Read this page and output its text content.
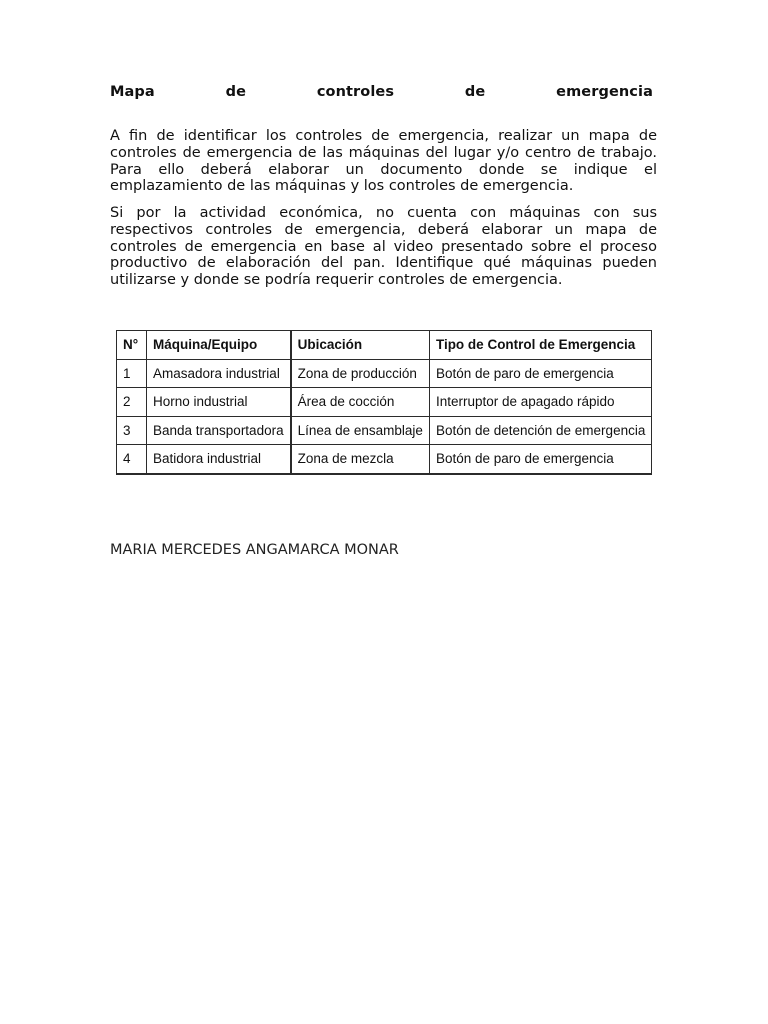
Mapa	de	controles	de	emergencia

A fin de identificar los controles de emergencia, realizar un mapa de controles de emergencia de las máquinas del lugar y/o centro de trabajo. Para ello deberá elaborar un documento donde se indique el emplazamiento de las máquinas y los controles de emergencia.

Si por la actividad económica, no cuenta con máquinas con sus respectivos controles de emergencia, deberá elaborar un mapa de controles de emergencia en base al video presentado sobre el proceso productivo de elaboración del pan. Identifique qué máquinas pueden utilizarse y donde se podría requerir controles de emergencia.

N°	Máquina/Equipo	Ubicación	Tipo de Control de Emergencia
1	Amasadora industrial	Zona de producción	Botón de paro de emergencia
2	Horno industrial	Área de cocción	Interruptor de apagado rápido
3	Banda transportadora	Línea de ensamblaje	Botón de detención de emergencia
4	Batidora industrial	Zona de mezcla	Botón de paro de emergencia
MARIA MERCEDES ANGAMARCA MONAR
